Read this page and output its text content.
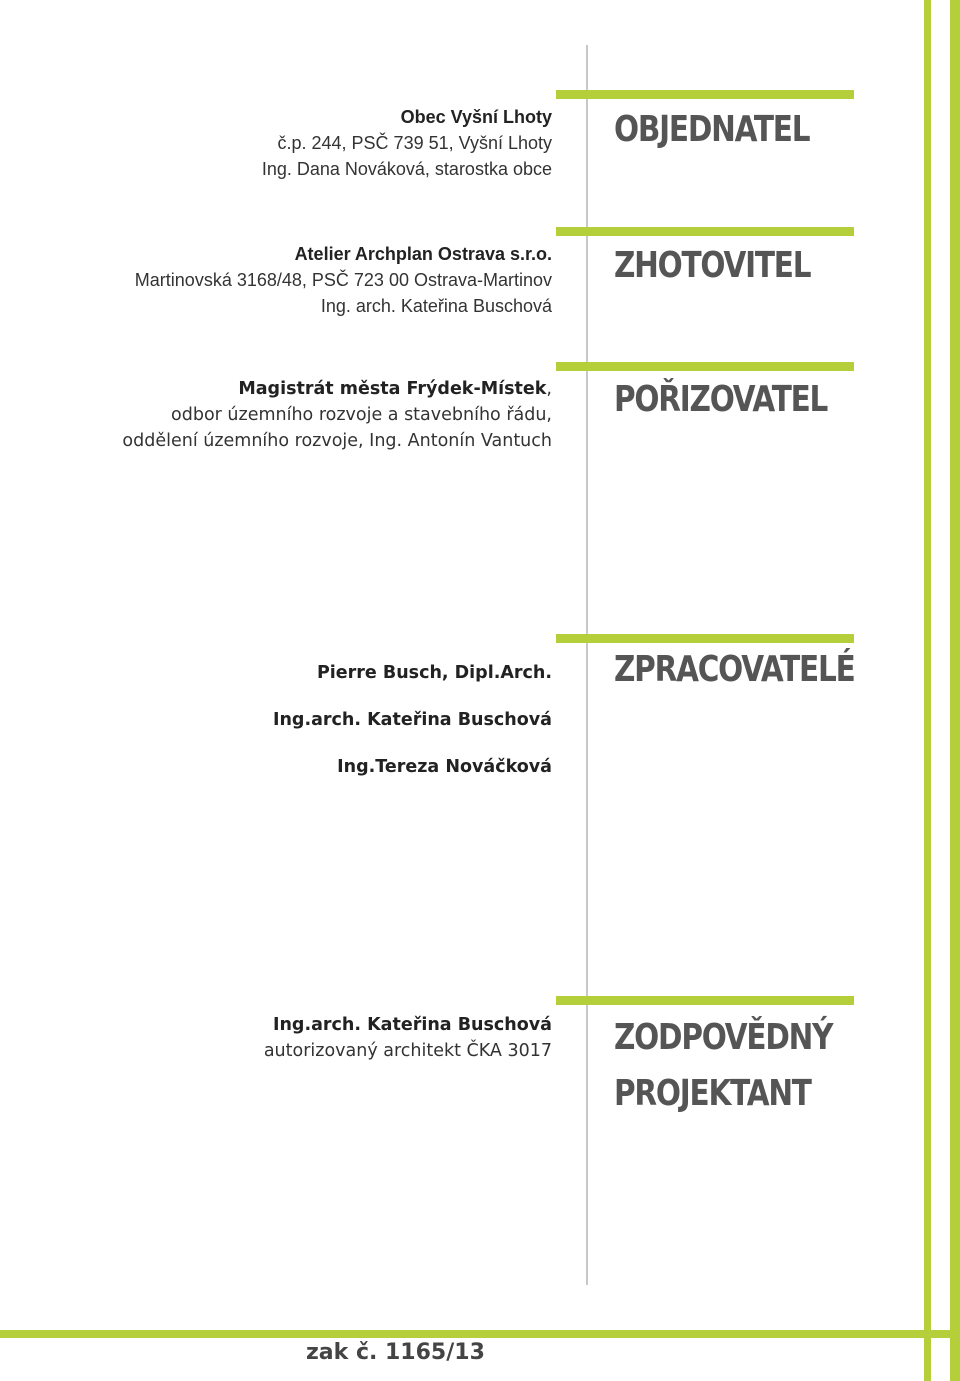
OBJEDNATEL
Obec Vyšní Lhoty
č.p. 244, PSČ 739 51, Vyšní Lhoty
Ing. Dana Nováková, starostka obce
ZHOTOVITEL
Atelier Archplan Ostrava s.r.o.
Martinovská 3168/48, PSČ 723 00 Ostrava-Martinov
Ing. arch. Kateřina Buschová
POŘIZOVATEL
Magistrát města Frýdek-Místek,
odbor územního rozvoje a stavebního řádu,
oddělení územního rozvoje, Ing. Antonín Vantuch
ZPRACOVATELÉ
Pierre Busch, Dipl.Arch.
Ing.arch. Kateřina Buschová
Ing.Tereza Nováčková
ZODPOVĚDNÝ
PROJEKTANT
Ing.arch. Kateřina Buschová
autorizovaný architekt ČKA 3017
zak č. 1165/13
